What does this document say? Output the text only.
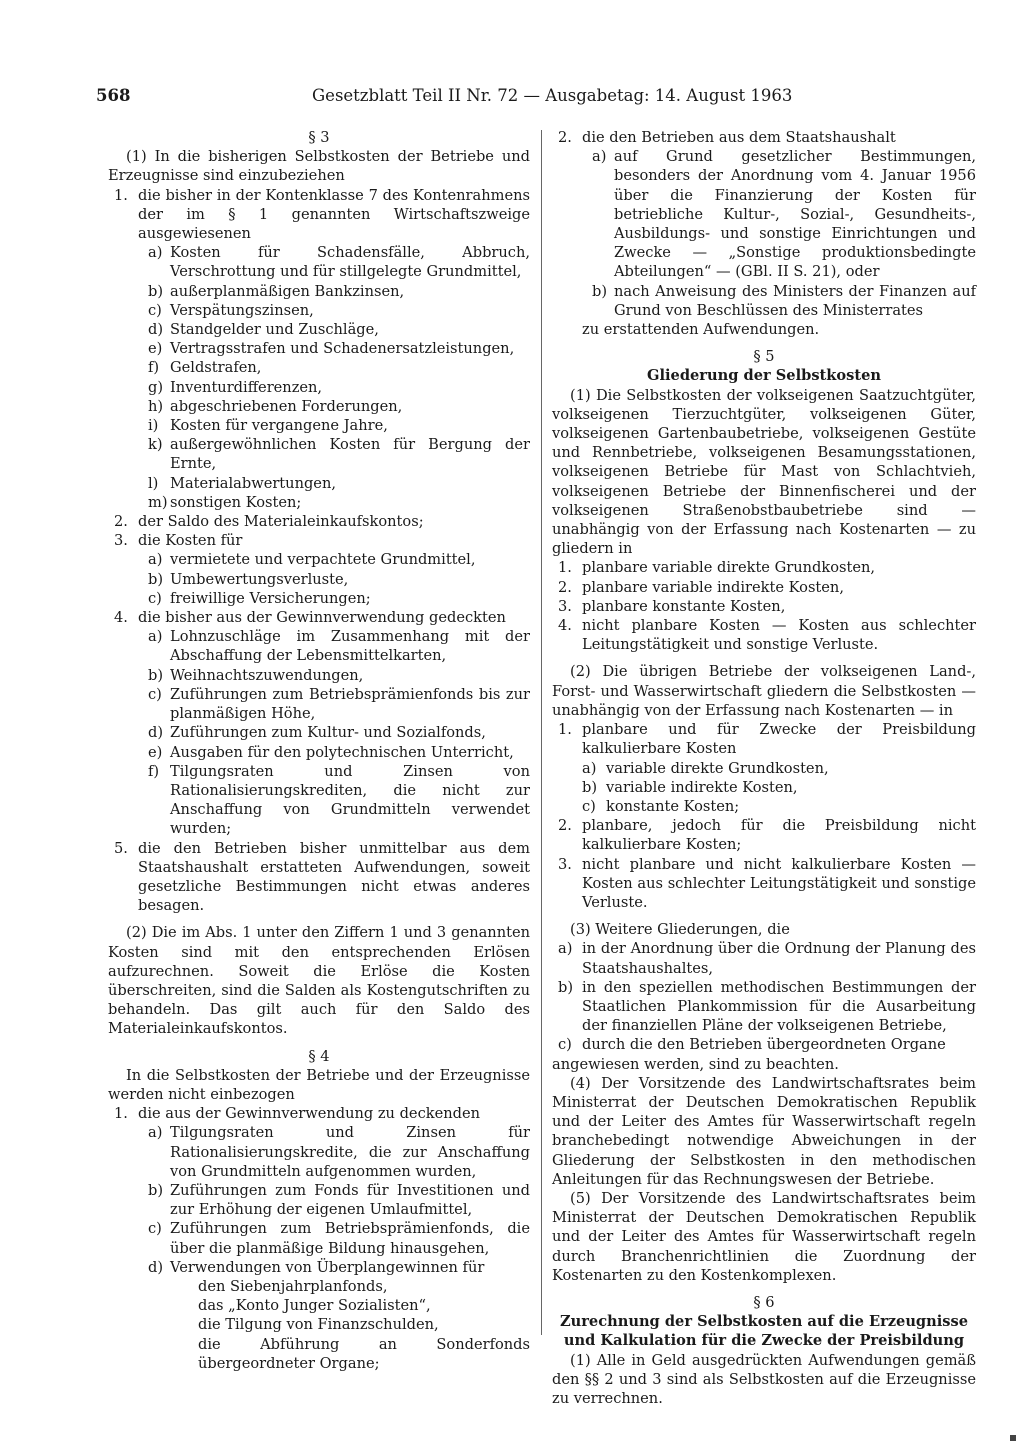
568	Gesetzblatt Teil II Nr. 72 — Ausgabetag: 14. August 1963

§ 3

(1) In die bisherigen Selbstkosten der Betriebe und Erzeugnisse sind einzubeziehen

1. die bisher in der Kontenklasse 7 des Kontenrahmens der im § 1 genannten Wirtschaftszweige ausgewiesenen
a) Kosten für Schadensfälle, Abbruch, Verschrottung und für stillgelegte Grundmittel,
b) außerplanmäßigen Bankzinsen,
c) Verspätungszinsen,
d) Standgelder und Zuschläge,
e) Vertragsstrafen und Schadenersatzleistungen,
f) Geldstrafen,
g) Inventurdifferenzen,
h) abgeschriebenen Forderungen,
i) Kosten für vergangene Jahre,
k) außergewöhnlichen Kosten für Bergung der Ernte,
l) Materialabwertungen,
m) sonstigen Kosten;
2. der Saldo des Materialeinkaufskontos;
3. die Kosten für
a) vermietete und verpachtete Grundmittel,
b) Umbewertungsverluste,
c) freiwillige Versicherungen;
4. die bisher aus der Gewinnverwendung gedeckten
a) Lohnzuschläge im Zusammenhang mit der Abschaffung der Lebensmittelkarten,
b) Weihnachtszuwendungen,
c) Zuführungen zum Betriebsprämienfonds bis zur planmäßigen Höhe,
d) Zuführungen zum Kultur- und Sozialfonds,
e) Ausgaben für den polytechnischen Unterricht,
f) Tilgungsraten und Zinsen von Rationalisierungskrediten, die nicht zur Anschaffung von Grundmitteln verwendet wurden;
5. die den Betrieben bisher unmittelbar aus dem Staatshaushalt erstatteten Aufwendungen, soweit gesetzliche Bestimmungen nicht etwas anderes besagen.

(2) Die im Abs. 1 unter den Ziffern 1 und 3 genannten Kosten sind mit den entsprechenden Erlösen aufzurechnen. Soweit die Erlöse die Kosten überschreiten, sind die Salden als Kostengutschriften zu behandeln. Das gilt auch für den Saldo des Materialeinkaufskontos.

§ 4

In die Selbstkosten der Betriebe und der Erzeugnisse werden nicht einbezogen

1. die aus der Gewinnverwendung zu deckenden
a) Tilgungsraten und Zinsen für Rationalisierungskredite, die zur Anschaffung von Grundmitteln aufgenommen wurden,
b) Zuführungen zum Fonds für Investitionen und zur Erhöhung der eigenen Umlaufmittel,
c) Zuführungen zum Betriebsprämienfonds, die über die planmäßige Bildung hinausgehen,
d) Verwendungen von Überplangewinnen für

den Siebenjahrplanfonds,

das „Konto Junger Sozialisten“,

die Tilgung von Finanzschulden,

die Abführung an Sonderfonds übergeordneter Organe;

2. die den Betrieben aus dem Staatshaushalt
a) auf Grund gesetzlicher Bestimmungen, besonders der Anordnung vom 4. Januar 1956 über die Finanzierung der Kosten für betriebliche Kultur-, Sozial-, Gesundheits-, Ausbildungs- und sonstige Einrichtungen und Zwecke — „Sonstige produktionsbedingte Abteilungen“ — (GBl. II S. 21), oder
b) nach Anweisung des Ministers der Finanzen auf Grund von Beschlüssen des Ministerrates

zu erstattenden Aufwendungen.

§ 5

Gliederung der Selbstkosten

(1) Die Selbstkosten der volkseigenen Saatzuchtgüter, volkseigenen Tierzuchtgüter, volkseigenen Güter, volkseigenen Gartenbaubetriebe, volkseigenen Gestüte und Rennbetriebe, volkseigenen Besamungsstationen, volkseigenen Betriebe für Mast von Schlachtvieh, volkseigenen Betriebe der Binnenfischerei und der volkseigenen Straßenobstbaubetriebe sind — unabhängig von der Erfassung nach Kostenarten — zu gliedern in

1. planbare variable direkte Grundkosten,
2. planbare variable indirekte Kosten,
3. planbare konstante Kosten,
4. nicht planbare Kosten — Kosten aus schlechter Leitungstätigkeit und sonstige Verluste.

(2) Die übrigen Betriebe der volkseigenen Land-, Forst- und Wasserwirtschaft gliedern die Selbstkosten — unabhängig von der Erfassung nach Kostenarten — in

1. planbare und für Zwecke der Preisbildung kalkulierbare Kosten
a) variable direkte Grundkosten,
b) variable indirekte Kosten,
c) konstante Kosten;
2. planbare, jedoch für die Preisbildung nicht kalkulierbare Kosten;
3. nicht planbare und nicht kalkulierbare Kosten — Kosten aus schlechter Leitungstätigkeit und sonstige Verluste.

(3) Weitere Gliederungen, die

a) in der Anordnung über die Ordnung der Planung des Staatshaushaltes,
b) in den speziellen methodischen Bestimmungen der Staatlichen Plankommission für die Ausarbeitung der finanziellen Pläne der volkseigenen Betriebe,
c) durch die den Betrieben übergeordneten Organe

angewiesen werden, sind zu beachten.

(4) Der Vorsitzende des Landwirtschaftsrates beim Ministerrat der Deutschen Demokratischen Republik und der Leiter des Amtes für Wasserwirtschaft regeln branchebedingt notwendige Abweichungen in der Gliederung der Selbstkosten in den methodischen Anleitungen für das Rechnungswesen der Betriebe.

(5) Der Vorsitzende des Landwirtschaftsrates beim Ministerrat der Deutschen Demokratischen Republik und der Leiter des Amtes für Wasserwirtschaft regeln durch Branchenrichtlinien die Zuordnung der Kostenarten zu den Kostenkomplexen.

§ 6

Zurechnung der Selbstkosten auf die Erzeugnisse und Kalkulation für die Zwecke der Preisbildung

(1) Alle in Geld ausgedrückten Aufwendungen gemäß den §§ 2 und 3 sind als Selbstkosten auf die Erzeugnisse zu verrechnen.
